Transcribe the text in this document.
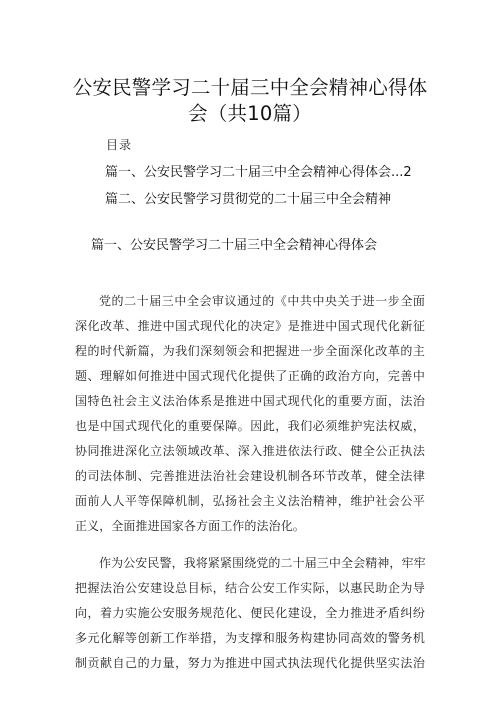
公安民警学习二十届三中全会精神心得体
会（共10篇）
目录
篇一、公安民警学习二十届三中全会精神心得体会...2
篇二、公安民警学习贯彻党的二十届三中全会精神
篇一、公安民警学习二十届三中全会精神心得体会
党的二十届三中全会审议通过的《中共中央关于进一步全面
深化改革、推进中国式现代化的决定》是推进中国式现代化新征
程的时代新篇，为我们深刻领会和把握进一步全面深化改革的主
题、理解如何推进中国式现代化提供了正确的政治方向，完善中
国特色社会主义法治体系是推进中国式现代化的重要方面，法治
也是中国式现代化的重要保障。因此，我们必须维护宪法权威，
协同推进深化立法领域改革、深入推进依法行政、健全公正执法
的司法体制、完善推进法治社会建设机制各环节改革，健全法律
面前人人平等保障机制，弘扬社会主义法治精神，维护社会公平
正义，全面推进国家各方面工作的法治化。
作为公安民警，我将紧紧围绕党的二十届三中全会精神，牢牢
把握法治公安建设总目标，结合公安工作实际，以惠民助企为导
向，着力实施公安服务规范化、便民化建设，全力推进矛盾纠纷
多元化解等创新工作举措，为支撑和服务构建协同高效的警务机
制贡献自己的力量，努力为推进中国式执法现代化提供坚实法治
